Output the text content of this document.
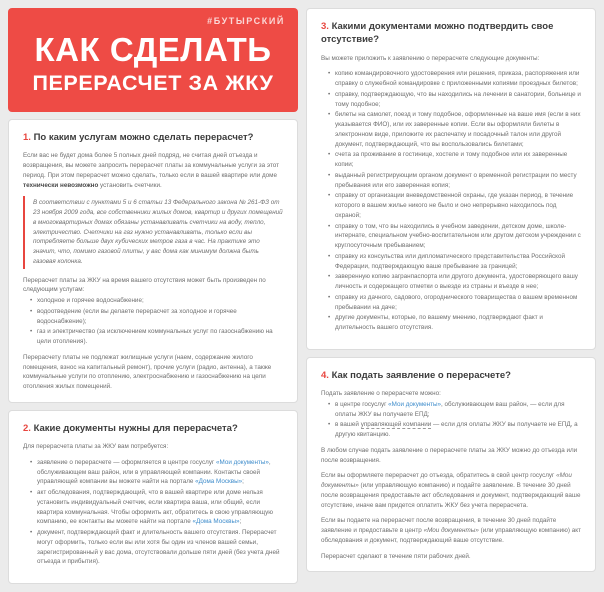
#БУТЫРСКИЙ
КАК СДЕЛАТЬ
ПЕРЕРАСЧЕТ ЗА ЖКУ
1. По каким услугам можно сделать перерасчет?

Если вас не будет дома более 5 полных дней подряд, не считая дней отъезда и возвращения, вы можете запросить перерасчет платы за коммунальные услуги за этот период. При этом перерасчет можно сделать, только если в вашей квартире или доме технически невозможно установить счетчики.

В соответствии с пунктами 5 и 6 статьи 13 Федерального закона № 261-ФЗ от 23 ноября 2009 года, все собственники жилых домов, квартир и других помещений в многоквартирных домах обязаны устанавливать счетчики на воду, тепло, электричество. Счетчики на газ нужно устанавливать, только если вы потребляете больше двух кубических метров газа в час. На практике это значит, что, помимо газовой плиты, у вас дома как минимум должна быть газовая колонка.

Перерасчет платы за ЖКУ на время вашего отсутствия может быть произведен по следующим услугам:

• холодное и горячее водоснабжение;
• водоотведение (если вы делаете перерасчет за холодное и горячее водоснабжение);
• газ и электричество (за исключением коммунальных услуг по газоснабжению на цели отопления).

Перерасчету платы не подлежат жилищные услуги (наем, содержание жилого помещения, взнос на капитальный ремонт), прочие услуги (радио, антенна), а также коммунальные услуги по отоплению, электроснабжению и газоснабжению на цели отопления жилых помещений.

2. Какие документы нужны для перерасчета?

Для перерасчета платы за ЖКУ вам потребуется:

• заявление о перерасчете — оформляется в центре госуслуг «Мои документы», обслуживающем ваш район, или в управляющей компании. Контакты своей управляющей компании вы можете найти на портале «Дома Москвы»;
• акт обследования, подтверждающий, что в вашей квартире или доме нельзя установить индивидуальный счетчик, если квартира ваша, или общий, если квартира коммунальная. Чтобы оформить акт, обратитесь в свою управляющую компанию, ее контакты вы можете найти на портале «Дома Москвы»;
• документ, подтверждающий факт и длительность вашего отсутствия. Перерасчет могут оформить, только если вы или хотя бы один из членов вашей семьи, зарегистрированный у вас дома, отсутствовали дольше пяти дней (без учета дней отъезда и прибытия).
3. Какими документами можно подтвердить свое отсутствие?

Вы можете приложить к заявлению о перерасчете следующие документы:

• копию командировочного удостоверения или решения, приказа, распоряжения или справку о служебной командировке с приложенными копиями проездных билетов;
• справку, подтверждающую, что вы находились на лечении в санатории, больнице и тому подобное;
• билеты на самолет, поезд и тому подобное, оформленные на ваше имя (если в них указывается ФИО), или их заверенные копии. Если вы оформляли билеты в электронном виде, приложите их распечатку и посадочный талон или другой документ, подтверждающий, что вы воспользовались билетами;
• счета за проживание в гостинице, хостеле и тому подобное или их заверенные копии;
• выданный регистрирующим органом документ о временной регистрации по месту пребывания или его заверенная копия;
• справку от организации вневедомственной охраны, где указан период, в течение которого в вашем жилье никого не было и оно непрерывно находилось под охраной;
• справку о том, что вы находились в учебном заведении, детском доме, школе-интернате, специальном учебно-воспитательном или другом детском учреждении с круглосуточным пребыванием;
• справку из консульства или дипломатического представительства Российской Федерации, подтверждающую ваше пребывание за границей;
• заверенную копию загранпаспорта или другого документа, удостоверяющего вашу личность и содержащего отметки о выезде из страны и въезде в нее;
• справку из дачного, садового, огороднического товарищества о вашем временном пребывании на даче;
• другие документы, которые, по вашему мнению, подтверждают факт и длительность вашего отсутствия.
4. Как подать заявление о перерасчете?

Подать заявление о перерасчете можно:

• в центре госуслуг «Мои документы», обслуживающем ваш район, — если для оплаты ЖКУ вы получаете ЕПД;
• в вашей управляющей компании — если для оплаты ЖКУ вы получаете не ЕПД, а другую квитанцию.

В любом случае подать заявление о перерасчете платы за ЖКУ можно до отъезда или после возвращения.

Если вы оформляете перерасчет до отъезда, обратитесь в свой центр госуслуг «Мои документы» (или управляющую компанию) и подайте заявление. В течение 30 дней после возвращения предоставьте акт обследования и документ, подтверждающий ваше отсутствие, иначе вам придется оплатить ЖКУ без учета перерасчета.

Если вы подаете на перерасчет после возвращения, в течение 30 дней подайте заявление и предоставьте в центр «Мои документы» (или управляющую компанию) акт обследования и документ, подтверждающий ваше отсутствие.

Перерасчет сделают в течение пяти рабочих дней.
